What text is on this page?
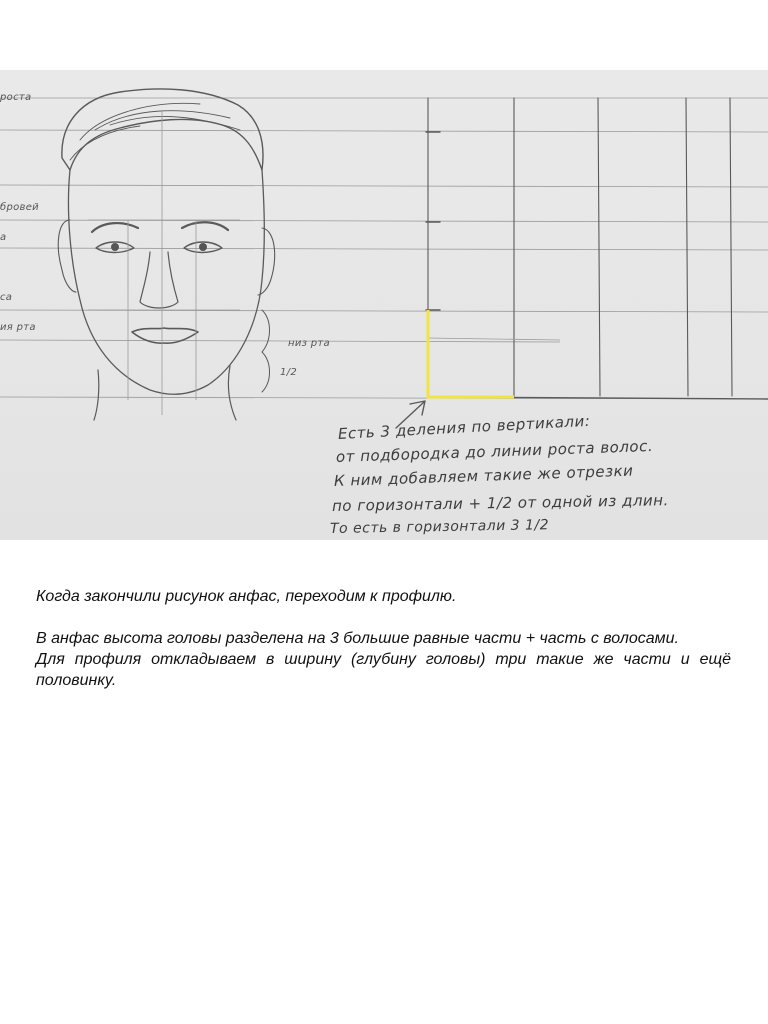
роста
бровей
а
са
ия рта
низ рта
1/2
Есть 3 деления по вертикали:
от подбородка до линии роста волос.
К ним добавляем такие же отрезки
по горизонтали + 1/2 от одной из длин.
То есть в горизонтали 3 1/2

Когда закончили рисунок анфас, переходим к профилю.

В анфас высота головы разделена на 3 большие равные части + часть с волосами.

Для профиля откладываем в ширину (глубину головы) три такие же части и ещё половинку.
